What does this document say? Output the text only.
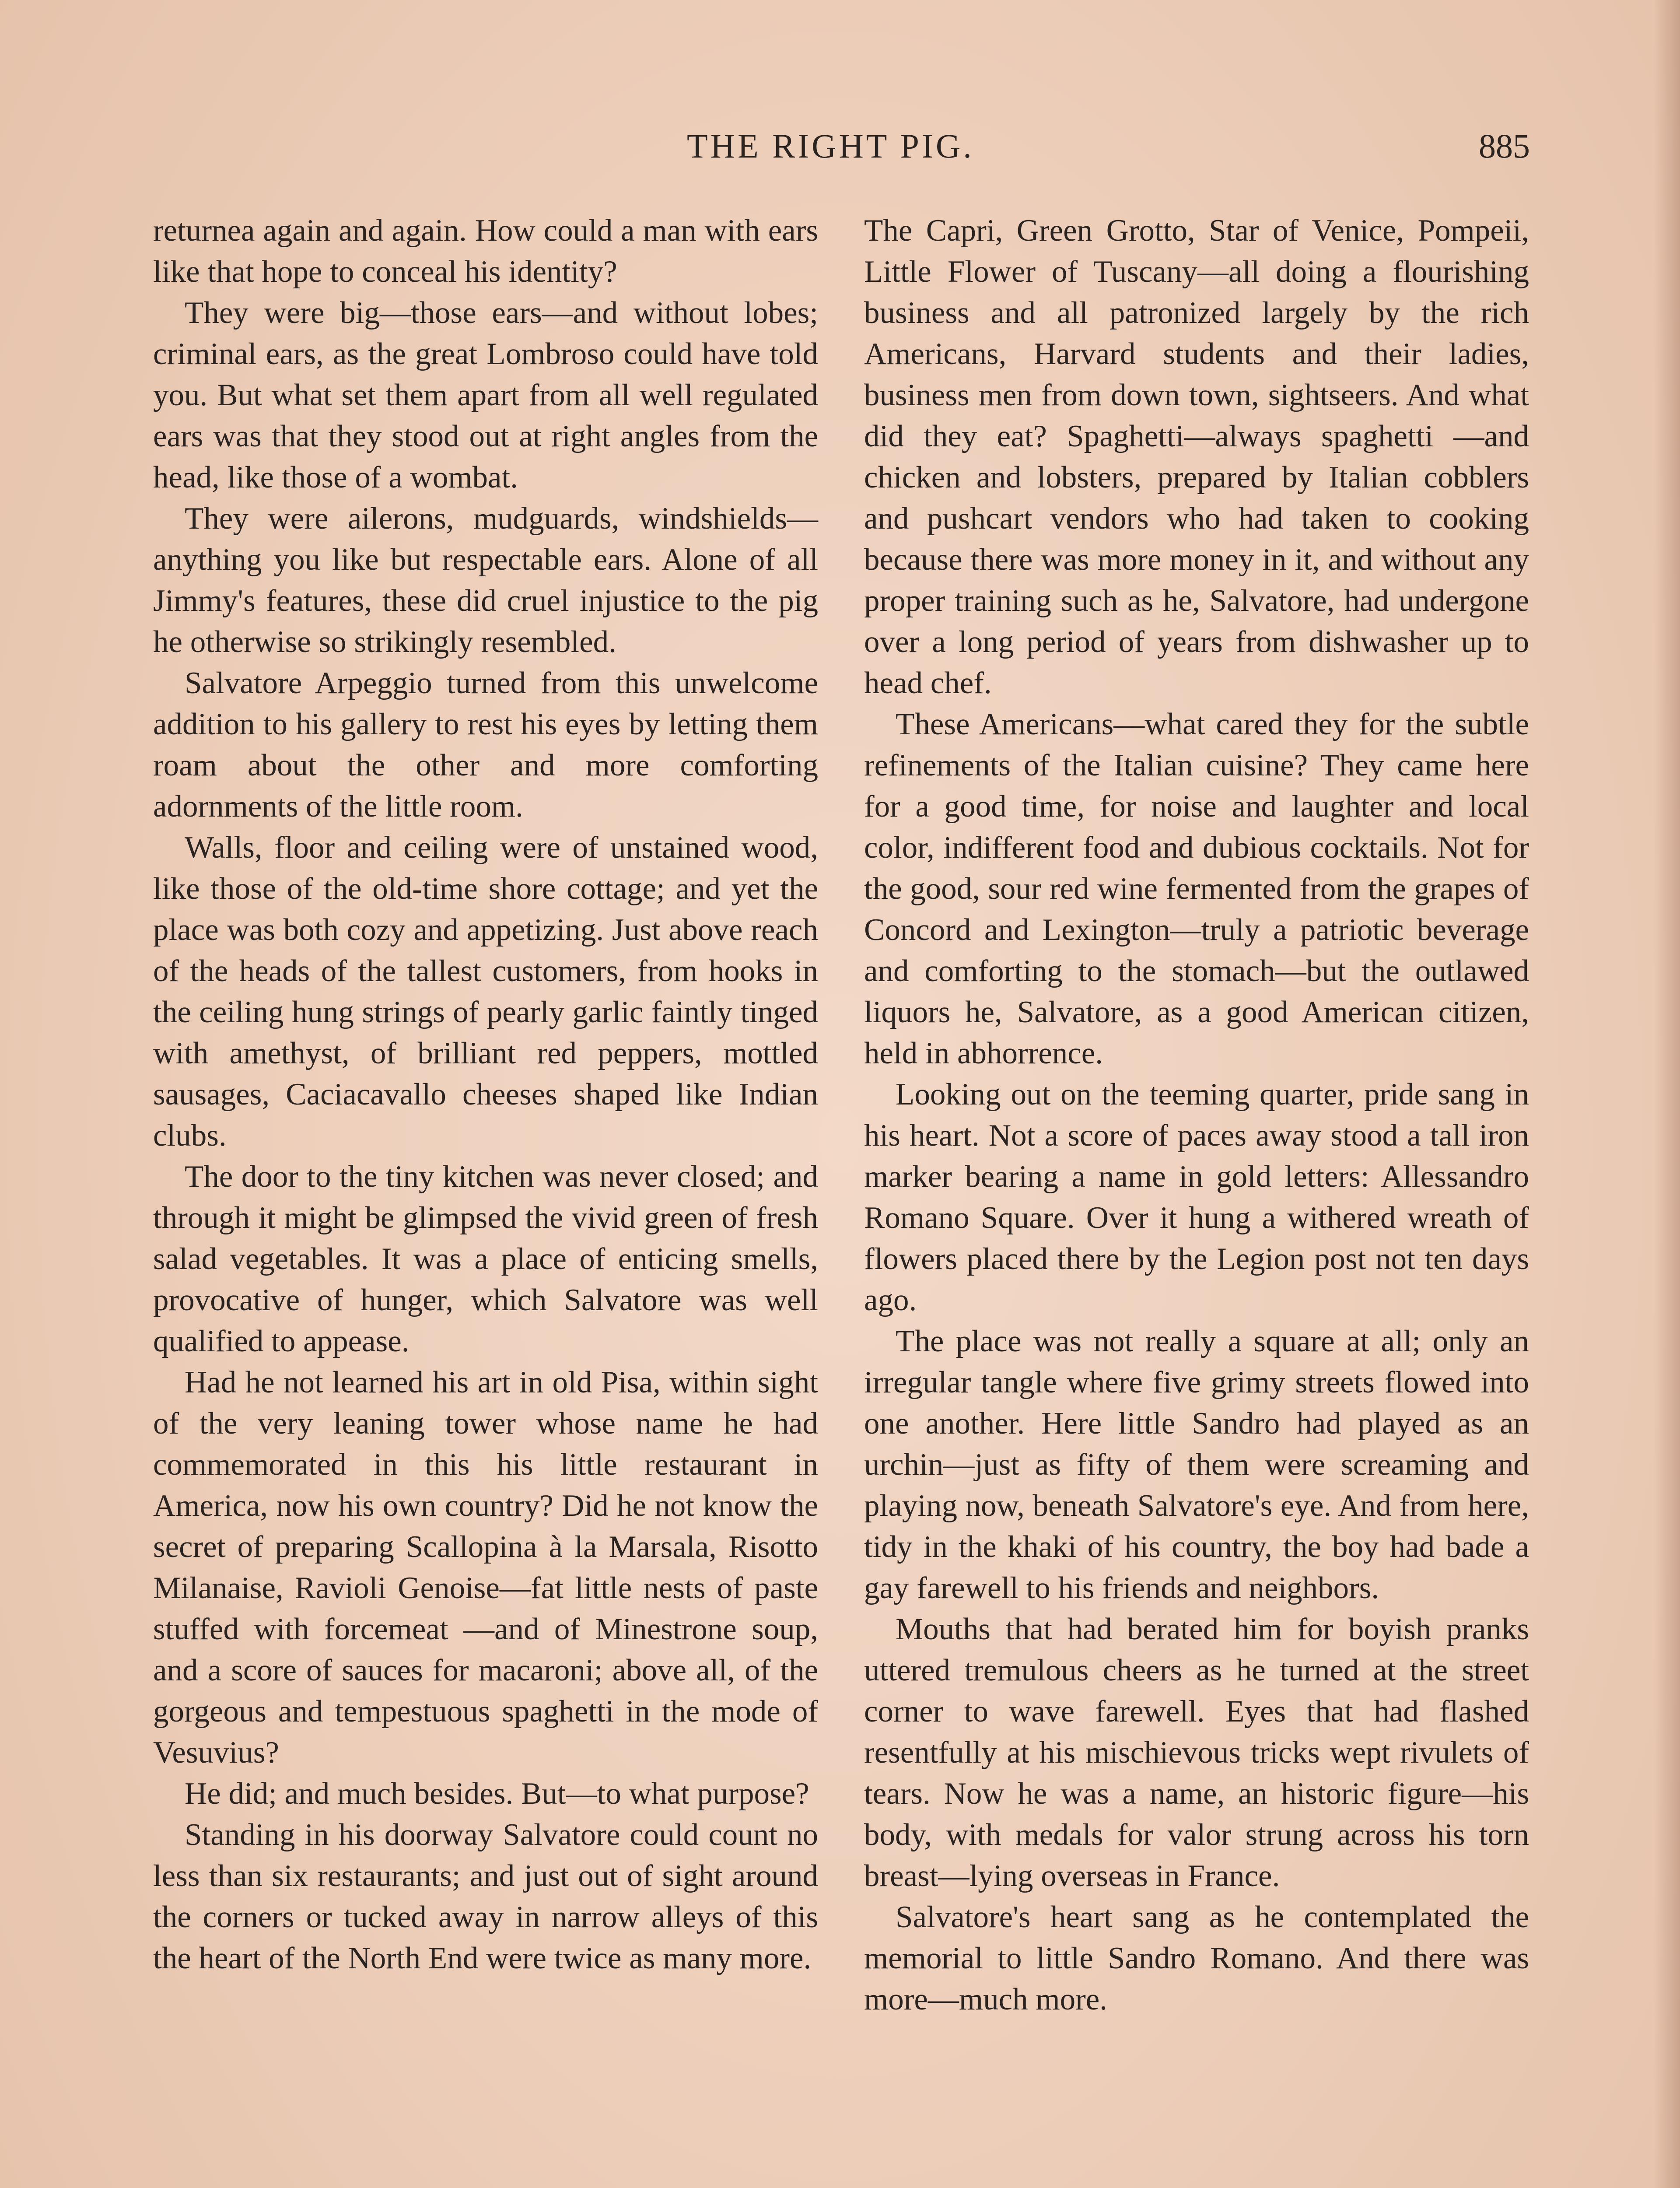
THE RIGHT PIG.	885

returnea again and again. How could a man with ears like that hope to conceal his identity?

They were big—those ears—and without lobes; criminal ears, as the great Lombroso could have told you. But what set them apart from all well regulated ears was that they stood out at right angles from the head, like those of a wombat.

They were ailerons, mudguards, windshields—anything you like but respectable ears. Alone of all Jimmy's features, these did cruel injustice to the pig he otherwise so strikingly resembled.

Salvatore Arpeggio turned from this unwelcome addition to his gallery to rest his eyes by letting them roam about the other and more comforting adornments of the little room.

Walls, floor and ceiling were of unstained wood, like those of the old-time shore cottage; and yet the place was both cozy and appetizing. Just above reach of the heads of the tallest customers, from hooks in the ceiling hung strings of pearly garlic faintly tinged with amethyst, of brilliant red peppers, mottled sausages, Caciacavallo cheeses shaped like Indian clubs.

The door to the tiny kitchen was never closed; and through it might be glimpsed the vivid green of fresh salad vegetables. It was a place of enticing smells, provocative of hunger, which Salvatore was well qualified to appease.

Had he not learned his art in old Pisa, within sight of the very leaning tower whose name he had commemorated in this his little restaurant in America, now his own country? Did he not know the secret of preparing Scallopina à la Marsala, Risotto Milanaise, Ravioli Genoise—fat little nests of paste stuffed with forcemeat —and of Minestrone soup, and a score of sauces for macaroni; above all, of the gorgeous and tempestuous spaghetti in the mode of Vesuvius?

He did; and much besides. But—to what purpose?

Standing in his doorway Salvatore could count no less than six restaurants; and just out of sight around the corners or tucked away in narrow alleys of this the heart of the North End were twice as many more.

The Capri, Green Grotto, Star of Venice, Pompeii, Little Flower of Tuscany—all doing a flourishing business and all patronized largely by the rich Americans, Harvard students and their ladies, business men from down town, sightseers. And what did they eat? Spaghetti—always spaghetti —and chicken and lobsters, prepared by Italian cobblers and pushcart vendors who had taken to cooking because there was more money in it, and without any proper training such as he, Salvatore, had undergone over a long period of years from dishwasher up to head chef.

These Americans—what cared they for the subtle refinements of the Italian cuisine? They came here for a good time, for noise and laughter and local color, indifferent food and dubious cocktails. Not for the good, sour red wine fermented from the grapes of Concord and Lexington—truly a patriotic beverage and comforting to the stomach—but the outlawed liquors he, Salvatore, as a good American citizen, held in abhorrence.

Looking out on the teeming quarter, pride sang in his heart. Not a score of paces away stood a tall iron marker bearing a name in gold letters: Allessandro Romano Square. Over it hung a withered wreath of flowers placed there by the Legion post not ten days ago.

The place was not really a square at all; only an irregular tangle where five grimy streets flowed into one another. Here little Sandro had played as an urchin—just as fifty of them were screaming and playing now, beneath Salvatore's eye. And from here, tidy in the khaki of his country, the boy had bade a gay farewell to his friends and neighbors.

Mouths that had berated him for boyish pranks uttered tremulous cheers as he turned at the street corner to wave farewell. Eyes that had flashed resentfully at his mischievous tricks wept rivulets of tears. Now he was a name, an historic figure—his body, with medals for valor strung across his torn breast—lying overseas in France.

Salvatore's heart sang as he contemplated the memorial to little Sandro Romano. And there was more—much more.
